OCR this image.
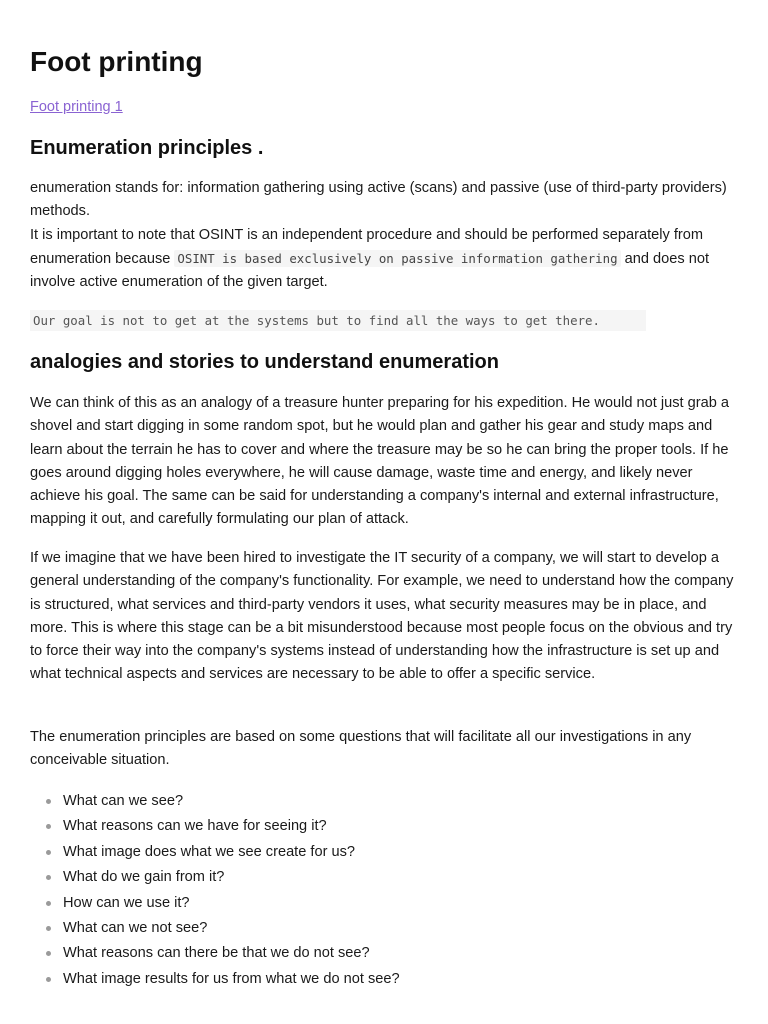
Foot printing
Foot printing 1
Enumeration principles .

enumeration stands for: information gathering using active (scans) and passive (use of third-party providers) methods.
It is important to note that OSINT is an independent procedure and should be performed separately from enumeration because OSINT is based exclusively on passive information gathering and does not involve active enumeration of the given target.

Our goal is not to get at the systems but to find all the ways to get there.
analogies and stories to understand enumeration

We can think of this as an analogy of a treasure hunter preparing for his expedition. He would not just grab a shovel and start digging in some random spot, but he would plan and gather his gear and study maps and learn about the terrain he has to cover and where the treasure may be so he can bring the proper tools. If he goes around digging holes everywhere, he will cause damage, waste time and energy, and likely never achieve his goal. The same can be said for understanding a company's internal and external infrastructure, mapping it out, and carefully formulating our plan of attack.

If we imagine that we have been hired to investigate the IT security of a company, we will start to develop a general understanding of the company's functionality. For example, we need to understand how the company is structured, what services and third-party vendors it uses, what security measures may be in place, and more. This is where this stage can be a bit misunderstood because most people focus on the obvious and try to force their way into the company's systems instead of understanding how the infrastructure is set up and what technical aspects and services are necessary to be able to offer a specific service.

The enumeration principles are based on some questions that will facilitate all our investigations in any conceivable situation.

What can we see?
What reasons can we have for seeing it?
What image does what we see create for us?
What do we gain from it?
How can we use it?
What can we not see?
What reasons can there be that we do not see?
What image results for us from what we do not see?
